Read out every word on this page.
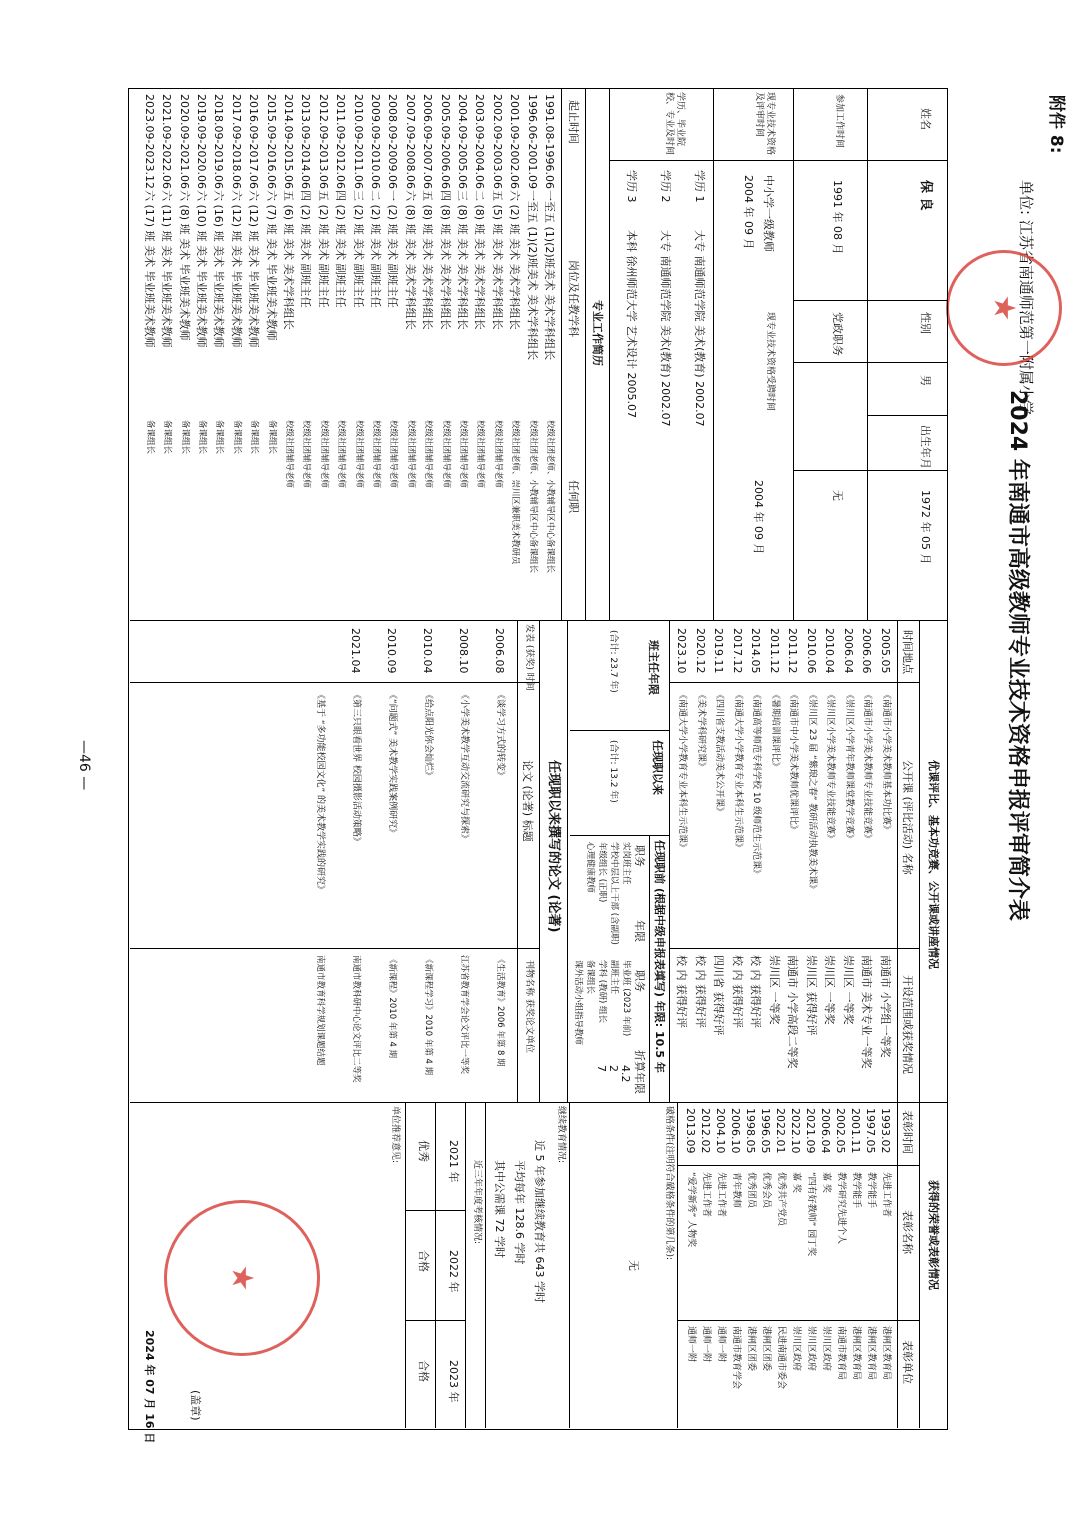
附件 8:
单位: 江苏省南通师范第一附属小学
2024 年南通市高级教师专业技术资格申报评审简介表
★
姓名
保 良
性别
男
出生年月
1972 年 05 月
参加工作时间
1991 年 08 月
党政职务
无
现专业技术资格及评审时间
中小学一级教师
2004 年 09 月
现专业技术资格受聘时间
2004 年 09 月
学历、毕业院校、专业及时间
学历 1
大专 南通师范学院 美术(教育) 2002.07
学历 2
大专 南通师范学院 美术(教育) 2002.07
学历 3
本科 徐州师范大学 艺术设计 2005.07
专业工作简历
起止时间
岗位及任教学科
任何职
优课评比、基本功竞赛、公开课或讲座情况
时间地点
公开课 (评比活动) 名称
开设范围或获奖情况
班主任年限
(合计: 23.7 年)
任现职以来
(合计: 13.2 年)
任现职前 (根据中级申报表填写) 年限: 10.5 年
职务
年限
职务
折算年限
任现职以来撰写的论文 (论著)
发表 (获奖) 时间
论文 (论著) 标题
刊物名称 获奖论文单位
获得的荣誉或表彰情况
表彰时间
表彰名称
表彰单位
破格条件(注明符合破格条件的第几条):
无
继续教育情况:
近 5 年参加继续教育共 643 学时
平均每年 128.6 学时
其中公需课 72 学时
近三年年度考核情况:
2021 年
2022 年
2023 年
优秀
合格
合格
单位推荐意见:
(盖章)
2024 年 07 月 16 日
★
—46 —
1991.08-1996.06
一至五 (1)(2)班美术 美术学科组长
校级社团老师、小教辅导区中心备课组长
1996.06-2001.09
一至五 (1)(2)班美术 美术学科组长
校级社团老师、小教辅导区中心备课组长
2001.09-2002.06
六 (2) 班 美术 美术学科组长
校级社团老师、崇川区兼职美术教研员
2002.09-2003.06
五 (5) 班 美术 美术学科组长
校级社团辅导老师
2003.09-2004.06
二 (8) 班 美术 美术学科组长
校级社团辅导老师
2004.09-2005.06
三 (8) 班 美术 美术学科组长
校级社团辅导老师
2005.09-2006.06
四 (8) 班 美术 美术学科组长
校级社团辅导老师
2006.09-2007.06
五 (8) 班 美术 美术学科组长
校级社团辅导老师
2007.09-2008.06
六 (8) 班 美术 美术学科组长
校级社团辅导老师
2008.09-2009.06
一 (2) 班 美术 副班主任
校级社团辅导老师
2009.09-2010.06
二 (2) 班 美术 副班主任
校级社团辅导老师
2010.09-2011.06
三 (2) 班 美术 副班主任
校级社团辅导老师
2011.09-2012.06
四 (2) 班 美术 副班主任
校级社团辅导老师
2012.09-2013.06
五 (2) 班 美术 副班主任
校级社团辅导老师
2013.09-2014.06
四 (2) 班 美术 副班主任
校级社团辅导老师
2014.09-2015.06
五 (6) 班 美术 美术学科组长
校级社团辅导老师
2015.09-2016.06
六 (7) 班 美术 毕业班美术教师
备课组长
2016.09-2017.06
六 (12) 班 美术 毕业班美术教师
备课组长
2017.09-2018.06
六 (12) 班 美术 毕业班美术教师
备课组长
2018.09-2019.06
六 (16) 班 美术 毕业班美术教师
备课组长
2019.09-2020.06
六 (10) 班 美术 毕业班美术教师
备课组长
2020.09-2021.06
六 (8) 班 美术 毕业班美术教师
备课组长
2021.09-2022.06
六 (11) 班 美术 毕业班美术教师
备课组长
2023.09-2023.12
六 (17) 班 美术 毕业班美术教师
备课组长
2005.05
《南通市小学美术教师基本功比赛》
南通市 小学组一等奖
2006.06
《南通市小学美术教师专业技能竞赛》
南通市 美术专业一等奖
2006.04
《崇川区小学青年教师课堂教学竞赛》
崇川区 一等奖
2010.04
《崇川区小学美术教师专业技能竞赛》
崇川区 一等奖
2010.06
《崇川区 23 届 “紫琅之春” 教研活动执教美术课》
崇川区 获得好评
2011.12
《南通市中小学美术教师优课评比》
南通市 小学高段二等奖
2011.12
《暑期培训课评比》
崇川区 一等奖
2014.05
《南通高等师范专科学校 10 级师范生示范课》
校 内 获得好评
2017.12
《南通大学小学教育专业本科生示范课》
校 内 获得好评
2019.11
《四川省支教活动美术公开课》
四川省 获得好评
2020.12
《美术学科研究课》
校 内 获得好评
2023.10
《南通大学小学教育专业本科生示范课》
校 内 获得好评
实岗班主任
毕业班 (2023 年前)
4.2
学校中层以上干部 (含副职)
副班主任
2
年级组长 (正职)
学科 (教研) 组长
7
心理健康教师
备课组长
课外活动小组指导教师
2006.08
《谈学习方式的转变》
《生活教育》2006 年第 8 期
2008.10
《小学美术教学互动交流研究与探索》
江苏省教育学会论文评比一等奖
2010.04
《给点阳光你会灿烂》
《新课程学习》2010 年第 4 期
2010.09
《“问题式” 美术教学实践案例研究》
《新课程》2010 年第 4 期
2021.04
《第三只眼看世界 校园摄影活动策略》
南通市教科研中心论文评比二等奖
《基于 “多功能校园文化” 的美术教学实践的研究》
南通市教育科学规划课题结题
1993.02
先进工作者
港闸区教育局
1997.05
教学能手
港闸区教育局
2001.11
教学能手
港闸区教育局
2002.05
教学研究先进个人
南通市教育局
2006.04
嘉 奖
崇川区政府
2021.09
“四有好教师” 园丁奖
崇川区政府
2022.10
嘉 奖
崇川区政府
2022.01
优秀共产党员
民进南通市委会
1996.05
优秀会员
港闸区团委
1998.05
优秀团员
港闸区团委
2006.10
青年教师
南通市教育学会
2004.10
先进工作者
通师一附
2012.02
先进工作者
通师一附
2013.09
“爱学新秀” 人物奖
通师一附
